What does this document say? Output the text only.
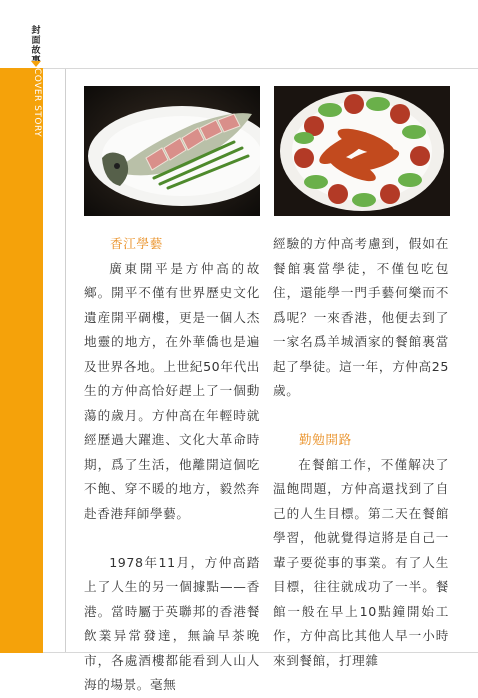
封面故事
COVER STORY
香江學藝

廣東開平是方仲高的故鄉。開平不僅有世界歷史文化遺産開平碉樓，更是一個人杰地靈的地方，在外華僑也是遍及世界各地。上世紀50年代出生的方仲高恰好趕上了一個動蕩的歲月。方仲高在年輕時就經歷過大躍進、文化大革命時期，爲了生活，他離開這個吃不飽、穿不暖的地方，毅然奔赴香港拜師學藝。

1978年11月，方仲高踏上了人生的另一個據點——香港。當時屬于英聯邦的香港餐飲業异常發達，無論早茶晚市，各處酒樓都能看到人山人海的場景。毫無

經驗的方仲高考慮到，假如在餐館裏當學徒，不僅包吃包住，還能學一門手藝何樂而不爲呢？一來香港，他便去到了一家名爲羊城酒家的餐館裏當起了學徒。這一年，方仲高25歲。

勤勉開路

在餐館工作，不僅解决了温飽問題，方仲高還找到了自己的人生目標。第二天在餐館學習，他就覺得這將是自己一輩子要從事的事業。有了人生目標，往往就成功了一半。餐館一般在早上10點鐘開始工作，方仲高比其他人早一小時來到餐館，打理雜
